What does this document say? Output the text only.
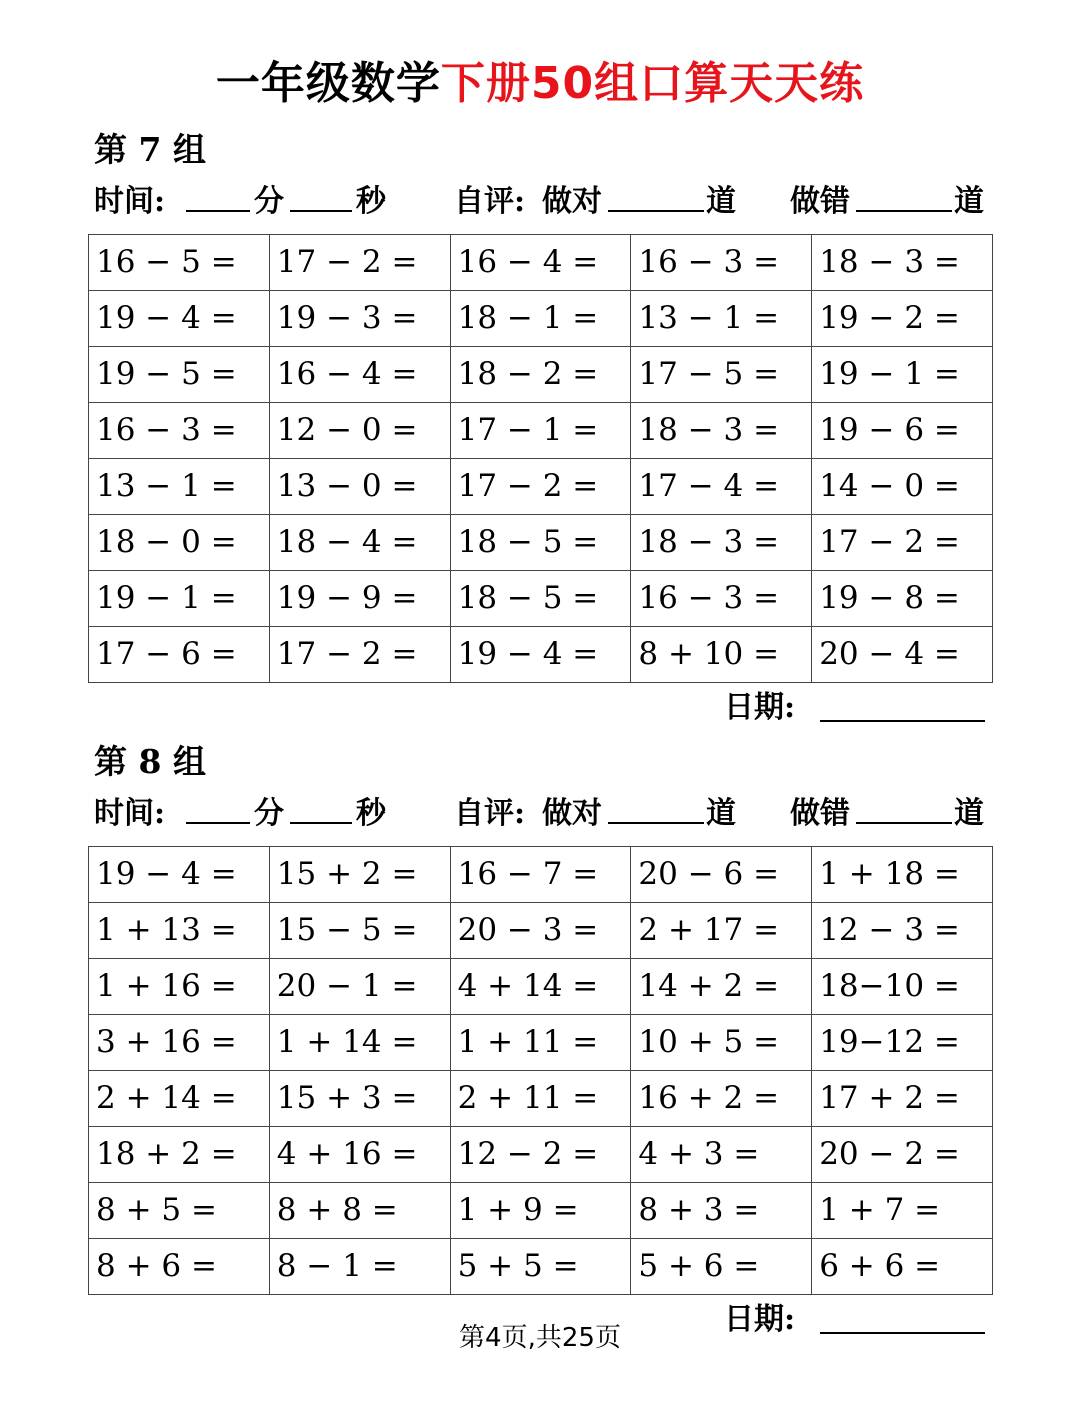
一年级数学下册50组口算天天练
第 7 组
时间:	分 秒 自评: 做对	道 做错	道
16 − 5 =	17 − 2 =	16 − 4 =	16 − 3 =	18 − 3 =
19 − 4 =	19 − 3 =	18 − 1 =	13 − 1 =	19 − 2 =
19 − 5 =	16 − 4 =	18 − 2 =	17 − 5 =	19 − 1 =
16 − 3 =	12 − 0 =	17 − 1 =	18 − 3 =	19 − 6 =
13 − 1 =	13 − 0 =	17 − 2 =	17 − 4 =	14 − 0 =
18 − 0 =	18 − 4 =	18 − 5 =	18 − 3 =	17 − 2 =
19 − 1 =	19 − 9 =	18 − 5 =	16 − 3 =	19 − 8 =
17 − 6 =	17 − 2 =	19 − 4 =	8 + 10 =	20 − 4 =
日期:
第 8 组
时间:	分 秒 自评: 做对	道 做错	道
19 − 4 =	15 + 2 =	16 − 7 =	20 − 6 =	1 + 18 =
1 + 13 =	15 − 5 =	20 − 3 =	2 + 17 =	12 − 3 =
1 + 16 =	20 − 1 =	4 + 14 =	14 + 2 =	18−10 =
3 + 16 =	1 + 14 =	1 + 11 =	10 + 5 =	19−12 =
2 + 14 =	15 + 3 =	2 + 11 =	16 + 2 =	17 + 2 =
18 + 2 =	4 + 16 =	12 − 2 =	4 + 3 =	20 − 2 =
8 + 5 =	8 + 8 =	1 + 9 =	8 + 3 =	1 + 7 =
8 + 6 =	8 − 1 =	5 + 5 =	5 + 6 =	6 + 6 =
日期:
第4页,共25页
